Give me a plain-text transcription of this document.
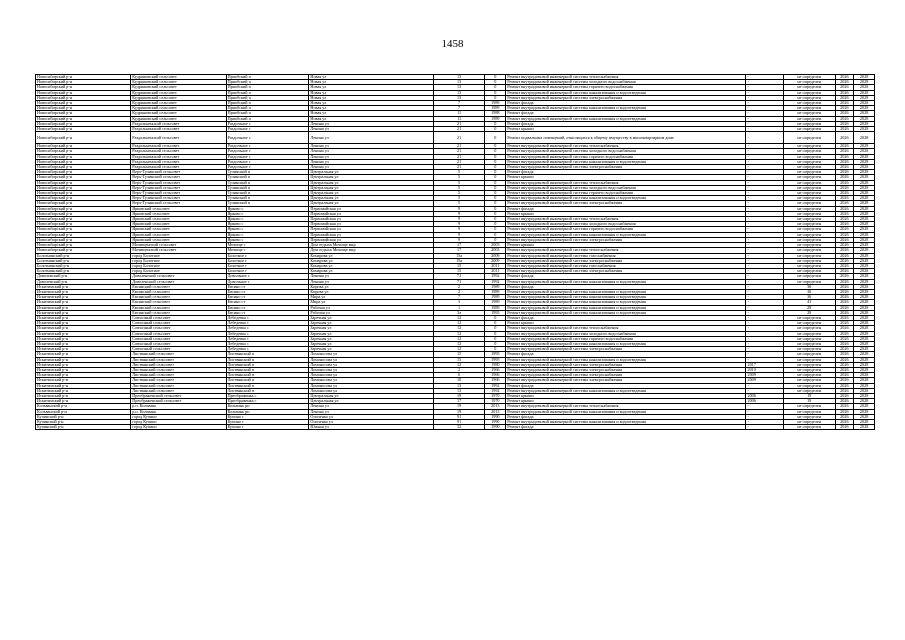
1458
Новосибирский р-н	Кудряшовский сельсовет	Приобский п	Новая ул	13	0	Ремонт внутридомовой инженерной системы теплоснабжения	-	не определен	2026	2028
Новосибирский р-н	Кудряшовский сельсовет	Приобский п	Новая ул	13	0	Ремонт внутридомовой инженерной системы холодного водоснабжения	-	не определен	2026	2028
Новосибирский р-н	Кудряшовский сельсовет	Приобский п	Новая ул	13	0	Ремонт внутридомовой инженерной системы горячего водоснабжения	-	не определен	2026	2028
Новосибирский р-н	Кудряшовский сельсовет	Приобский п	Новая ул	13	0	Ремонт внутридомовой инженерной системы канализования и водоотведения	-	не определен	2026	2028
Новосибирский р-н	Кудряшовский сельсовет	Приобский п	Новая ул	13	0	Ремонт внутридомовой инженерной системы электроснабжения	-	не определен	2026	2028
Новосибирский р-н	Кудряшовский сельсовет	Приобский п	Новая ул	7	1989	Ремонт фасада	-	не определен	2026	2028
Новосибирский р-н	Кудряшовский сельсовет	Приобский п	Новая ул	7	1989	Ремонт внутридомовой инженерной системы канализования и водоотведения	-	не определен	2026	2028
Новосибирский р-н	Кудряшовский сельсовет	Приобский п	Новая ул	11	1988	Ремонт фасада	-	не определен	2026	2028
Новосибирский р-н	Кудряшовский сельсовет	Приобский п	Новая ул	11	1989	Ремонт внутридомовой инженерной системы канализования и водоотведения	-	не определен	2026	2028
Новосибирский р-н	Раздольненский сельсовет	Раздольное с	Ленина ул	21	0	Ремонт фасада	-	не определен	2026	2028
Новосибирский р-н	Раздольненский сельсовет	Раздольное с	Ленина ул	21	0	Ремонт крыши	-	не определен	2026	2028
Новосибирский р-н	Раздольненский сельсовет	Раздольное с	Ленина ул	21	0	Ремонт подвальных помещений, относящихся к общему имуществу в многоквартирном доме	-	не определен	2026	2028
Новосибирский р-н	Раздольненский сельсовет	Раздольное с	Ленина ул	21	0	Ремонт внутридомовой инженерной системы теплоснабжения	-	не определен	2026	2028
Новосибирский р-н	Раздольненский сельсовет	Раздольное с	Ленина ул	21	0	Ремонт внутридомовой инженерной системы холодного водоснабжения	-	не определен	2026	2028
Новосибирский р-н	Раздольненский сельсовет	Раздольное с	Ленина ул	21	0	Ремонт внутридомовой инженерной системы горячего водоснабжения	-	не определен	2026	2028
Новосибирский р-н	Раздольненский сельсовет	Раздольное с	Ленина ул	21	0	Ремонт внутридомовой инженерной системы канализования и водоотведения	-	не определен	2026	2028
Новосибирский р-н	Раздольненский сельсовет	Раздольное с	Ленина ул	21	0	Ремонт внутридомовой инженерной системы электроснабжения	-	не определен	2026	2028
Новосибирский р-н	Верх-Тулинский сельсовет	Тулинский п	Центральная ул	5	0	Ремонт фасада	-	не определен	2026	2028
Новосибирский р-н	Верх-Тулинский сельсовет	Тулинский п	Центральная ул	5	0	Ремонт крыши	-	не определен	2026	2028
Новосибирский р-н	Верх-Тулинский сельсовет	Тулинский п	Центральная ул	5	0	Ремонт внутридомовой инженерной системы теплоснабжения	-	не определен	2026	2028
Новосибирский р-н	Верх-Тулинский сельсовет	Тулинский п	Центральная ул	5	0	Ремонт внутридомовой инженерной системы холодного водоснабжения	-	не определен	2026	2028
Новосибирский р-н	Верх-Тулинский сельсовет	Тулинский п	Центральная ул	5	0	Ремонт внутридомовой инженерной системы горячего водоснабжения	-	не определен	2026	2028
Новосибирский р-н	Верх-Тулинский сельсовет	Тулинский п	Центральная ул	5	0	Ремонт внутридомовой инженерной системы канализования и водоотведения	-	не определен	2026	2028
Новосибирский р-н	Верх-Тулинский сельсовет	Тулинский п	Центральная ул	5	0	Ремонт внутридомовой инженерной системы электроснабжения	-	не определен	2026	2028
Новосибирский р-н	Ярковский сельсовет	Ярково с	Первомайская ул	9	0	Ремонт фасада	-	не определен	2026	2028
Новосибирский р-н	Ярковский сельсовет	Ярково с	Первомайская ул	9	0	Ремонт крыши	-	не определен	2026	2028
Новосибирский р-н	Ярковский сельсовет	Ярково с	Первомайская ул	9	0	Ремонт внутридомовой инженерной системы теплоснабжения	-	не определен	2026	2028
Новосибирский р-н	Ярковский сельсовет	Ярково с	Первомайская ул	9	0	Ремонт внутридомовой инженерной системы холодного водоснабжения	-	не определен	2026	2028
Новосибирский р-н	Ярковский сельсовет	Ярково с	Первомайская ул	9	0	Ремонт внутридомовой инженерной системы горячего водоснабжения	-	не определен	2026	2028
Новосибирский р-н	Ярковский сельсовет	Ярково с	Первомайская ул	9	0	Ремонт внутридомовой инженерной системы канализования и водоотведения	-	не определен	2026	2028
Новосибирский р-н	Ярковский сельсовет	Ярково с	Первомайская ул	9	0	Ремонт внутридомовой инженерной системы электроснабжения	-	не определен	2026	2028
Новосибирский р-н	Мочищенский сельсовет	Мочище с	Дом отдыха Мочище мкр	17	2003	Ремонт крыши	-	не определен	2026	2028
Новосибирский р-н	Мочищенский сельсовет	Мочище с	Дом отдыха Мочище мкр	17	2003	Ремонт внутридомовой инженерной системы теплоснабжения	-	не определен	2026	2028
Болотнинский р-н	город Болотное	Болотное г	Комарова ул	15а	2009	Ремонт внутридомовой инженерной системы газоснабжения	-	не определен	2026	2028
Болотнинский р-н	город Болотное	Болотное г	Комарова ул	15а	2009	Ремонт внутридомовой инженерной системы электроснабжения	-	не определен	2026	2028
Болотнинский р-н	город Болотное	Болотное г	Комарова ул	15	2011	Ремонт внутридомовой инженерной системы газоснабжения	-	не определен	2026	2028
Болотнинский р-н	город Болотное	Болотное г	Комарова ул	15	2011	Ремонт внутридомовой инженерной системы электроснабжения	-	не определен	2026	2028
Доволенский р-н	Доволенский сельсовет	Довольное с	Ленина ул	71	1992	Ремонт фасада	-	не определен	2026	2028
Доволенский р-н	Доволенский сельсовет	Довольное с	Ленина ул	71	1992	Ремонт внутридомовой инженерной системы канализования и водоотведения	-	не определен	2026	2028
Искитимский р-н	Евсинский сельсовет	Евсино ст	Кирова ул	2	1989	Ремонт фасада	-	36	2026	2028
Искитимский р-н	Евсинский сельсовет	Евсино ст	Кирова ул	2	1989	Ремонт внутридомовой инженерной системы канализования и водоотведения	-	36	2026	2028
Искитимский р-н	Евсинский сельсовет	Евсино ст	Мира ул	7	1989	Ремонт внутридомовой инженерной системы канализования и водоотведения	-	36	2026	2028
Искитимский р-н	Евсинский сельсовет	Евсино ст	Мира ул	3	1989	Ремонт внутридомовой инженерной системы канализования и водоотведения	-	41	2026	2028
Искитимский р-н	Евсинский сельсовет	Евсино ст	Рабочая ул	1	1989	Ремонт внутридомовой инженерной системы канализования и водоотведения	-	29	2026	2028
Искитимский р-н	Евсинский сельсовет	Евсино ст	Рабочая ул	3а	1993	Ремонт внутридомовой инженерной системы канализования и водоотведения	-	29	2026	2028
Искитимский р-н	Совхозный сельсовет	Лебедевка с	Заречная ул	12	0	Ремонт фасада	-	не определен	2026	2028
Искитимский р-н	Совхозный сельсовет	Лебедевка с	Заречная ул	12	0	Ремонт крыши	-	не определен	2026	2028
Искитимский р-н	Совхозный сельсовет	Лебедевка с	Заречная ул	12	0	Ремонт внутридомовой инженерной системы теплоснабжения	-	не определен	2026	2028
Искитимский р-н	Совхозный сельсовет	Лебедевка с	Заречная ул	12	0	Ремонт внутридомовой инженерной системы холодного водоснабжения	-	не определен	2026	2028
Искитимский р-н	Совхозный сельсовет	Лебедевка с	Заречная ул	12	0	Ремонт внутридомовой инженерной системы горячего водоснабжения	-	не определен	2026	2028
Искитимский р-н	Совхозный сельсовет	Лебедевка с	Заречная ул	12	0	Ремонт внутридомовой инженерной системы канализования и водоотведения	-	не определен	2026	2028
Искитимский р-н	Совхозный сельсовет	Лебедевка с	Заречная ул	12	0	Ремонт внутридомовой инженерной системы электроснабжения	-	не определен	2026	2028
Искитимский р-н	Листвянский сельсовет	Листвянский п	Ломоносова ул	15	1995	Ремонт фасада	-	не определен	2026	2028
Искитимский р-н	Листвянский сельсовет	Листвянский п	Ломоносова ул	15	1995	Ремонт внутридомовой инженерной системы канализования и водоотведения	-	не определен	2026	2028
Искитимский р-н	Листвянский сельсовет	Листвянский п	Ломоносова ул	12	1980	Ремонт внутридомовой инженерной системы электроснабжения	2017	не определен	2026	2028
Искитимский р-н	Листвянский сельсовет	Листвянский п	Ломоносова ул	2	1966	Ремонт внутридомовой инженерной системы электроснабжения	2010	не определен	2026	2028
Искитимский р-н	Листвянский сельсовет	Листвянский п	Ломоносова ул	6	1966	Ремонт внутридомовой инженерной системы электроснабжения	2009	не определен	2026	2028
Искитимский р-н	Листвянский сельсовет	Листвянский п	Ломоносова ул	10	1966	Ремонт внутридомовой инженерной системы электроснабжения	2009	не определен	2026	2028
Искитимский р-н	Листвянский сельсовет	Листвянский п	Ломоносова ул	13	1992	Ремонт фасада	-	не определен	2026	2028
Искитимский р-н	Листвянский сельсовет	Листвянский п	Ломоносова ул	13	1992	Ремонт внутридомовой инженерной системы канализования и водоотведения	-	не определен	2026	2028
Искитимский р-н	Преображенский сельсовет	Преображенка с	Центральная ул	19	1970	Ремонт крыши	2006	19	2026	2028
Искитимский р-н	Преображенский сельсовет	Преображенка с	Центральная ул	17	1970	Ремонт крыши	2006	19	2026	2028
Кольванский р-н	р.п. Кольвань	Кольвань рп	Ленина ул	19	2013	Ремонт внутридомовой инженерной системы теплоснабжения	-	не определен	2026	2028
Кольванский р-н	р.п. Кольвань	Кольвань рп	Ленина ул	19	2013	Ремонт внутридомовой инженерной системы канализования и водоотведения	-	не определен	2026	2028
Купинский р-н	город Купино	Купино г	Осипенко ул	91	1990	Ремонт фасада	-	не определен	2026	2028
Купинский р-н	город Купино	Купино г	Осипенко ул	91	1990	Ремонт внутридомовой инженерной системы канализования и водоотведения	-	не определен	2026	2028
Купинский р-н	город Купино	Купино г	Южная ул	32	1990	Ремонт фасада	-	не определен	2026	2028
